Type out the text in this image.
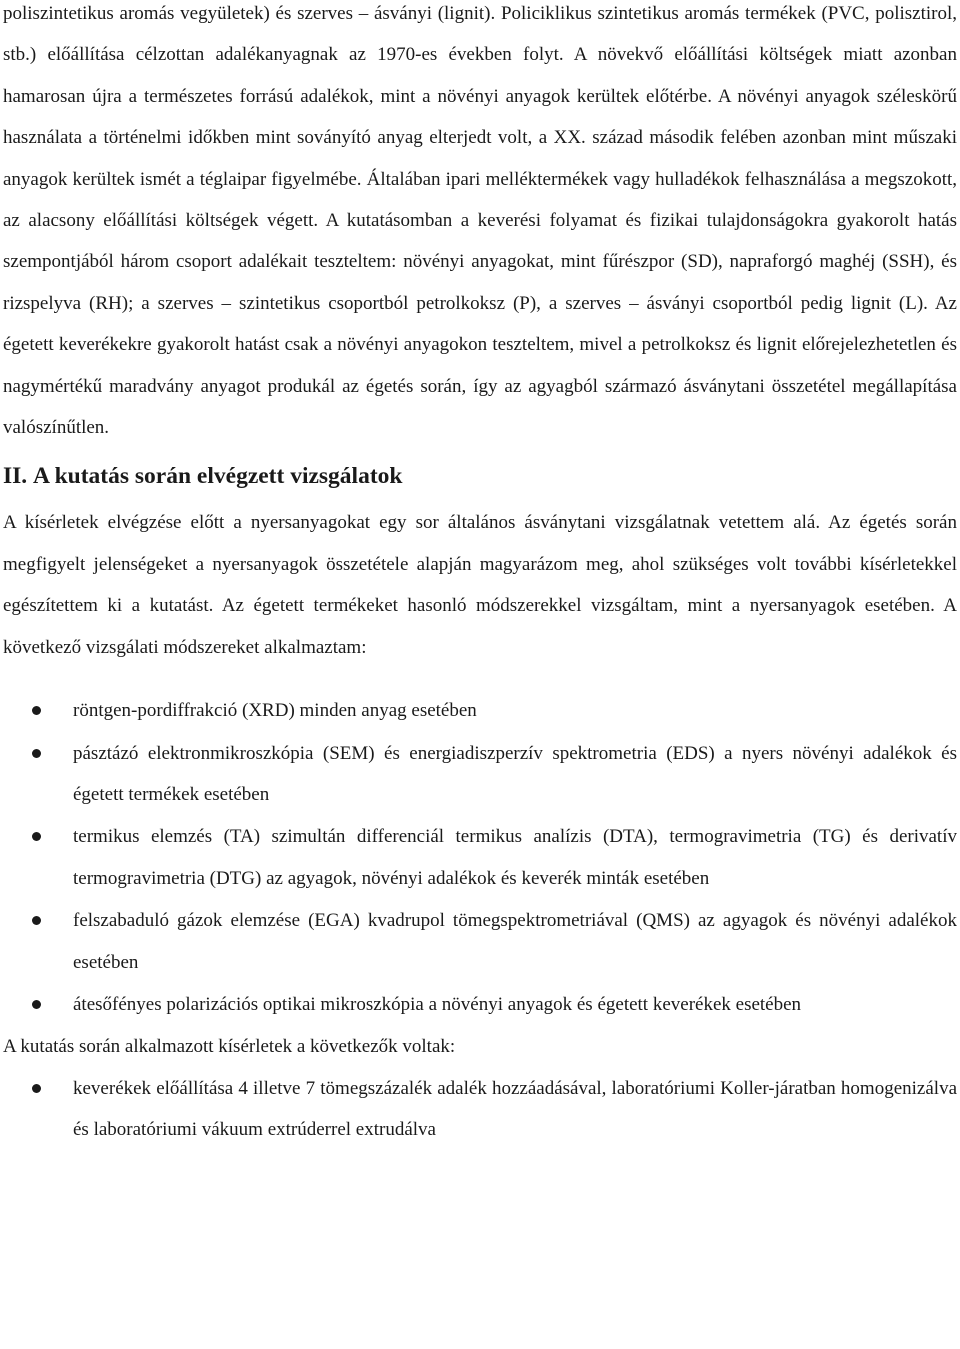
poliszintetikus aromás vegyületek) és szerves – ásványi (lignit). Policiklikus szintetikus aromás termékek (PVC, polisztirol, stb.) előállítása célzottan adalékanyagnak az 1970-es években folyt. A növekvő előállítási költségek miatt azonban hamarosan újra a természetes forrású adalékok, mint a növényi anyagok kerültek előtérbe. A növényi anyagok széleskörű használata a történelmi időkben mint soványító anyag elterjedt volt, a XX. század második felében azonban mint műszaki anyagok kerültek ismét a téglaipar figyelmébe. Általában ipari melléktermékek vagy hulladékok felhasználása a megszokott, az alacsony előállítási költségek végett. A kutatásomban a keverési folyamat és fizikai tulajdonságokra gyakorolt hatás szempontjából három csoport adalékait teszteltem: növényi anyagokat, mint fűrészpor (SD), napraforgó maghéj (SSH), és rizspelyva (RH); a szerves – szintetikus csoportból petrolkoksz (P), a szerves – ásványi csoportból pedig lignit (L). Az égetett keverékekre gyakorolt hatást csak a növényi anyagokon teszteltem, mivel a petrolkoksz és lignit előrejelezhetetlen és nagymértékű maradvány anyagot produkál az égetés során, így az agyagból származó ásványtani összetétel megállapítása valószínűtlen.

II. A kutatás során elvégzett vizsgálatok

A kísérletek elvégzése előtt a nyersanyagokat egy sor általános ásványtani vizsgálatnak vetettem alá. Az égetés során megfigyelt jelenségeket a nyersanyagok összetétele alapján magyarázom meg, ahol szükséges volt további kísérletekkel egészítettem ki a kutatást. Az égetett termékeket hasonló módszerekkel vizsgáltam, mint a nyersanyagok esetében. A következő vizsgálati módszereket alkalmaztam:

röntgen-pordiffrakció (XRD) minden anyag esetében
pásztázó elektronmikroszkópia (SEM) és energiadiszperzív spektrometria (EDS) a nyers növényi adalékok és égetett termékek esetében
termikus elemzés (TA) szimultán differenciál termikus analízis (DTA), termogravimetria (TG) és derivatív termogravimetria (DTG) az agyagok, növényi adalékok és keverék minták esetében
felszabaduló gázok elemzése (EGA) kvadrupol tömegspektrometriával (QMS) az agyagok és növényi adalékok esetében
átesőfényes polarizációs optikai mikroszkópia a növényi anyagok és égetett keverékek esetében

A kutatás során alkalmazott kísérletek a következők voltak:

keverékek előállítása 4 illetve 7 tömegszázalék adalék hozzáadásával, laboratóriumi Koller-járatban homogenizálva és laboratóriumi vákuum extrúderrel extrudálva
